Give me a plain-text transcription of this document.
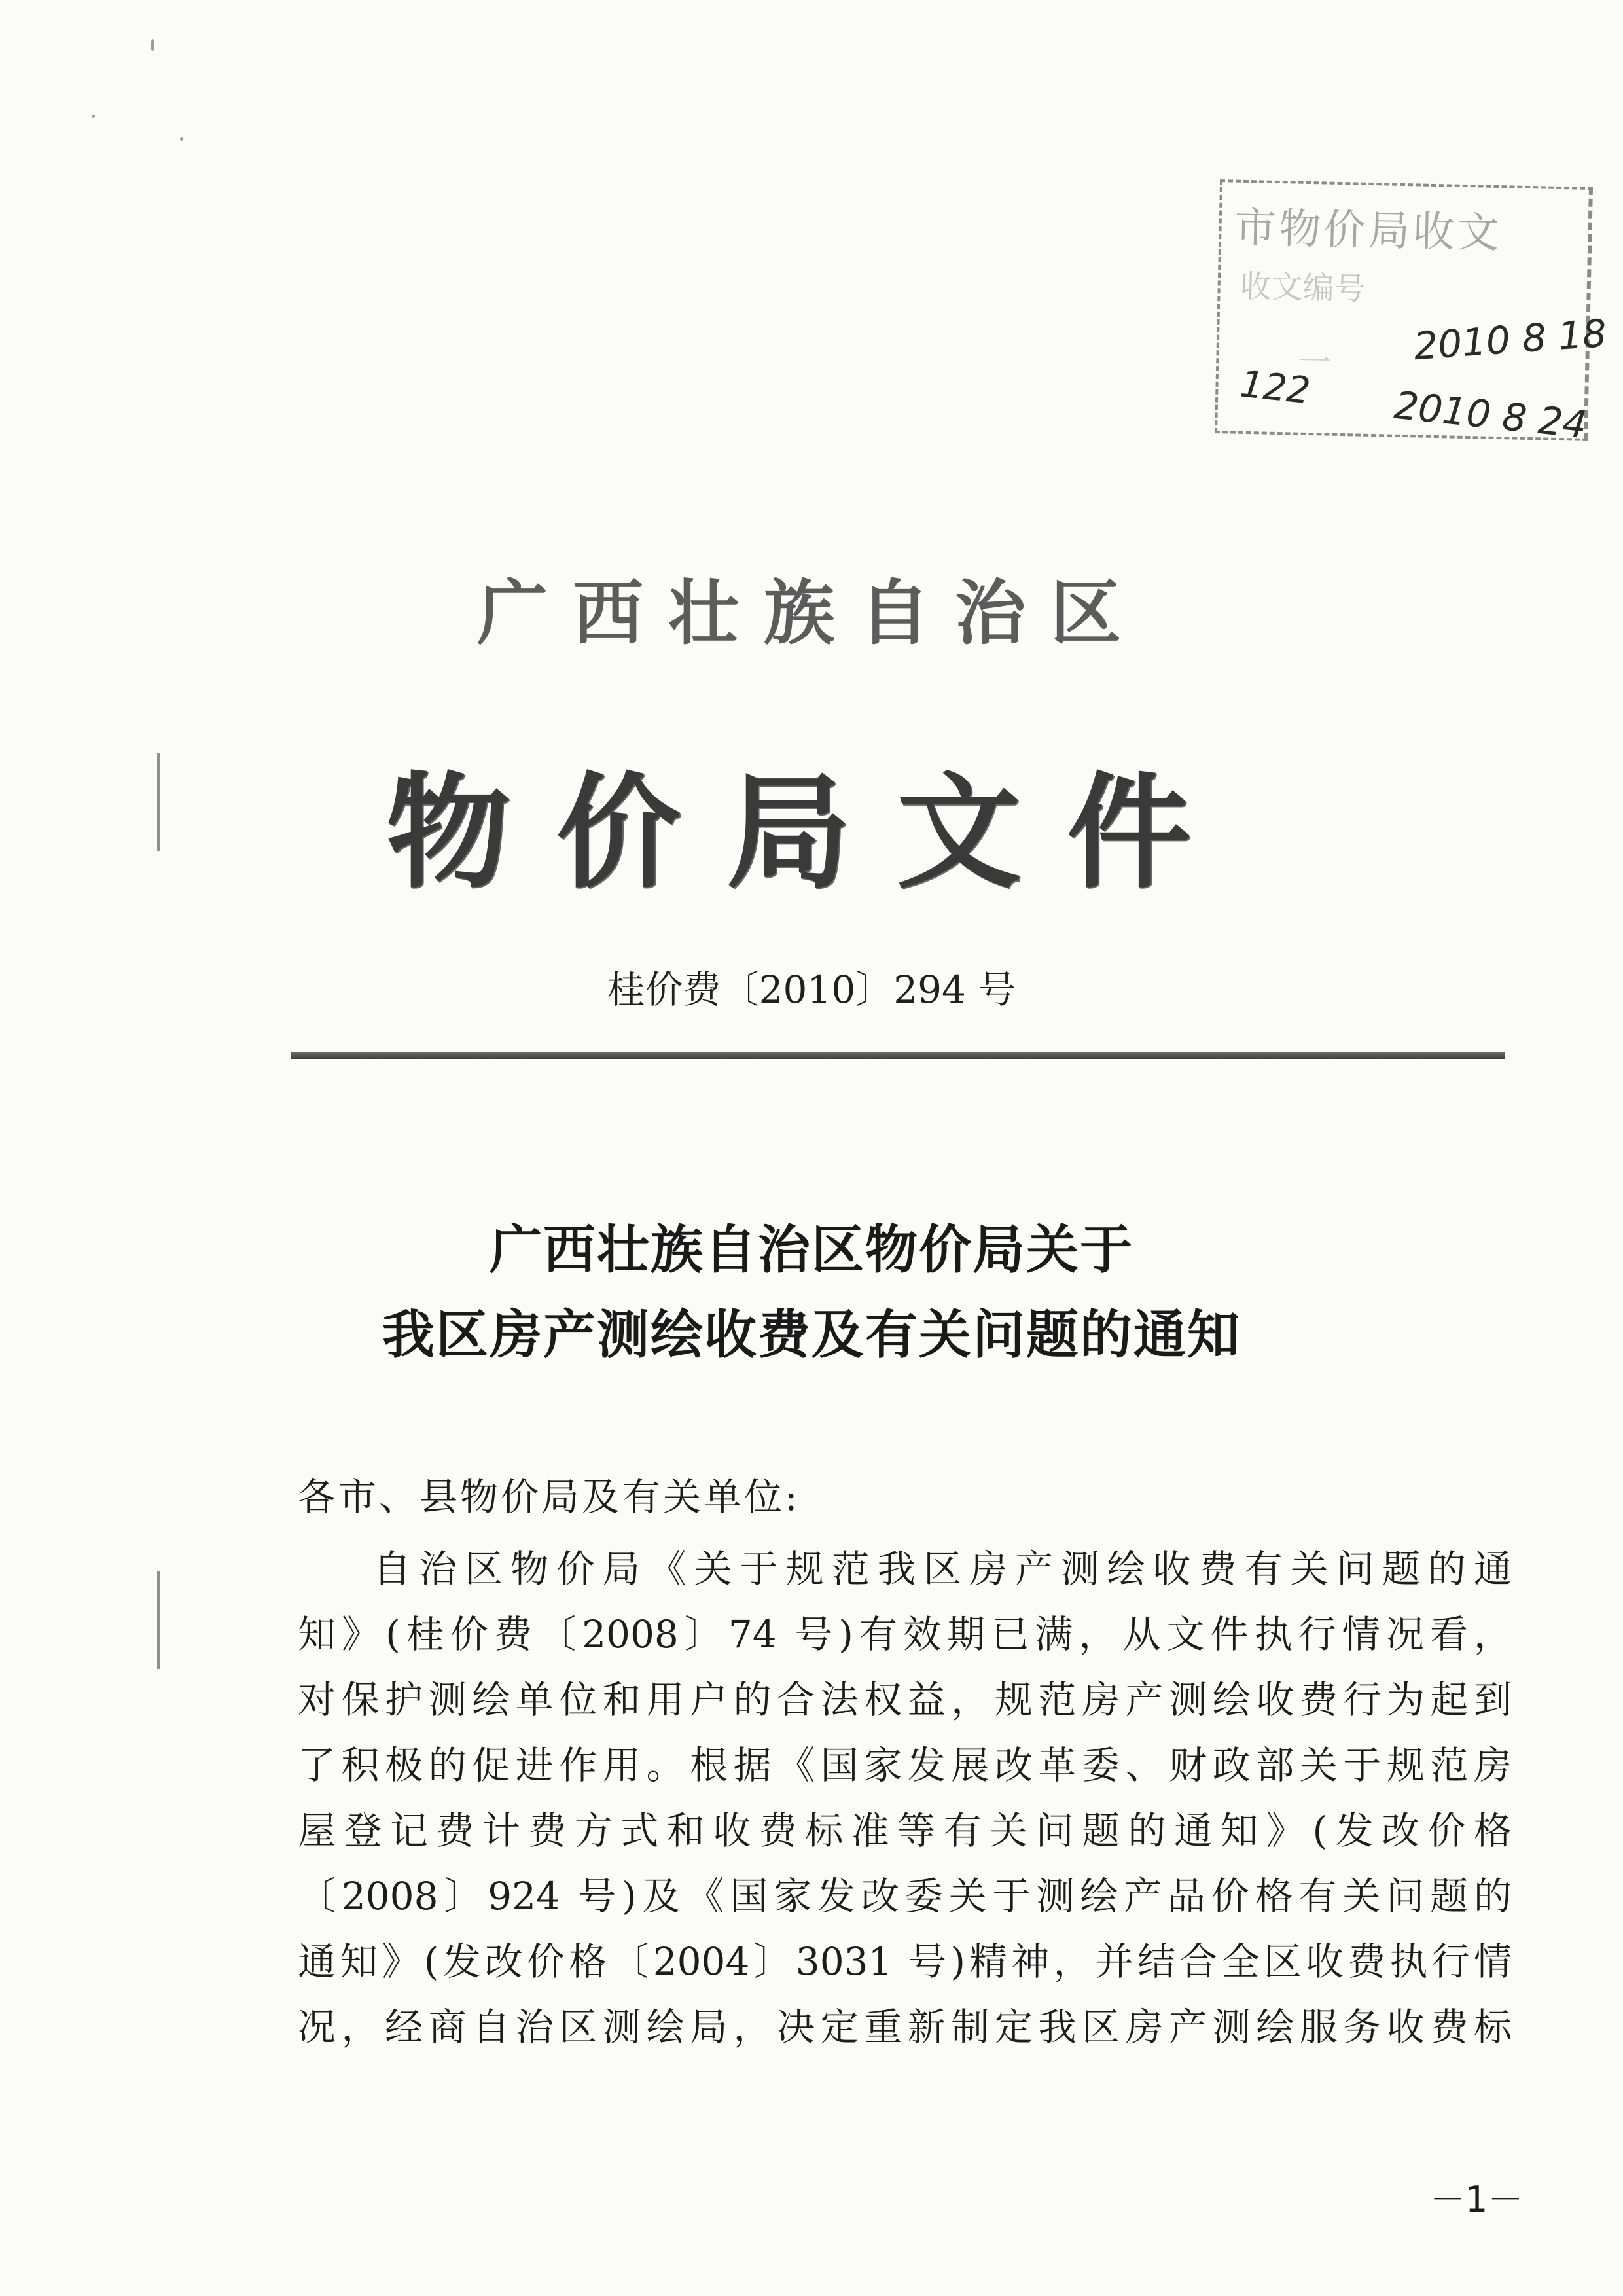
市物价局收文
收文编号
一 2010 8 18
122 2010 8 24
广西壮族自治区
物价局文件
桂价费〔2010〕294 号
广西壮族自治区物价局关于
我区房产测绘收费及有关问题的通知
各市、县物价局及有关单位:
自治区物价局《关于规范我区房产测绘收费有关问题的通
知》(桂价费〔2008〕74 号)有效期已满，从文件执行情况看，
对保护测绘单位和用户的合法权益，规范房产测绘收费行为起到
了积极的促进作用。根据《国家发展改革委、财政部关于规范房
屋登记费计费方式和收费标准等有关问题的通知》(发改价格
〔2008〕924 号)及《国家发改委关于测绘产品价格有关问题的
通知》(发改价格〔2004〕3031 号)精神，并结合全区收费执行情
况，经商自治区测绘局，决定重新制定我区房产测绘服务收费标
－1－
